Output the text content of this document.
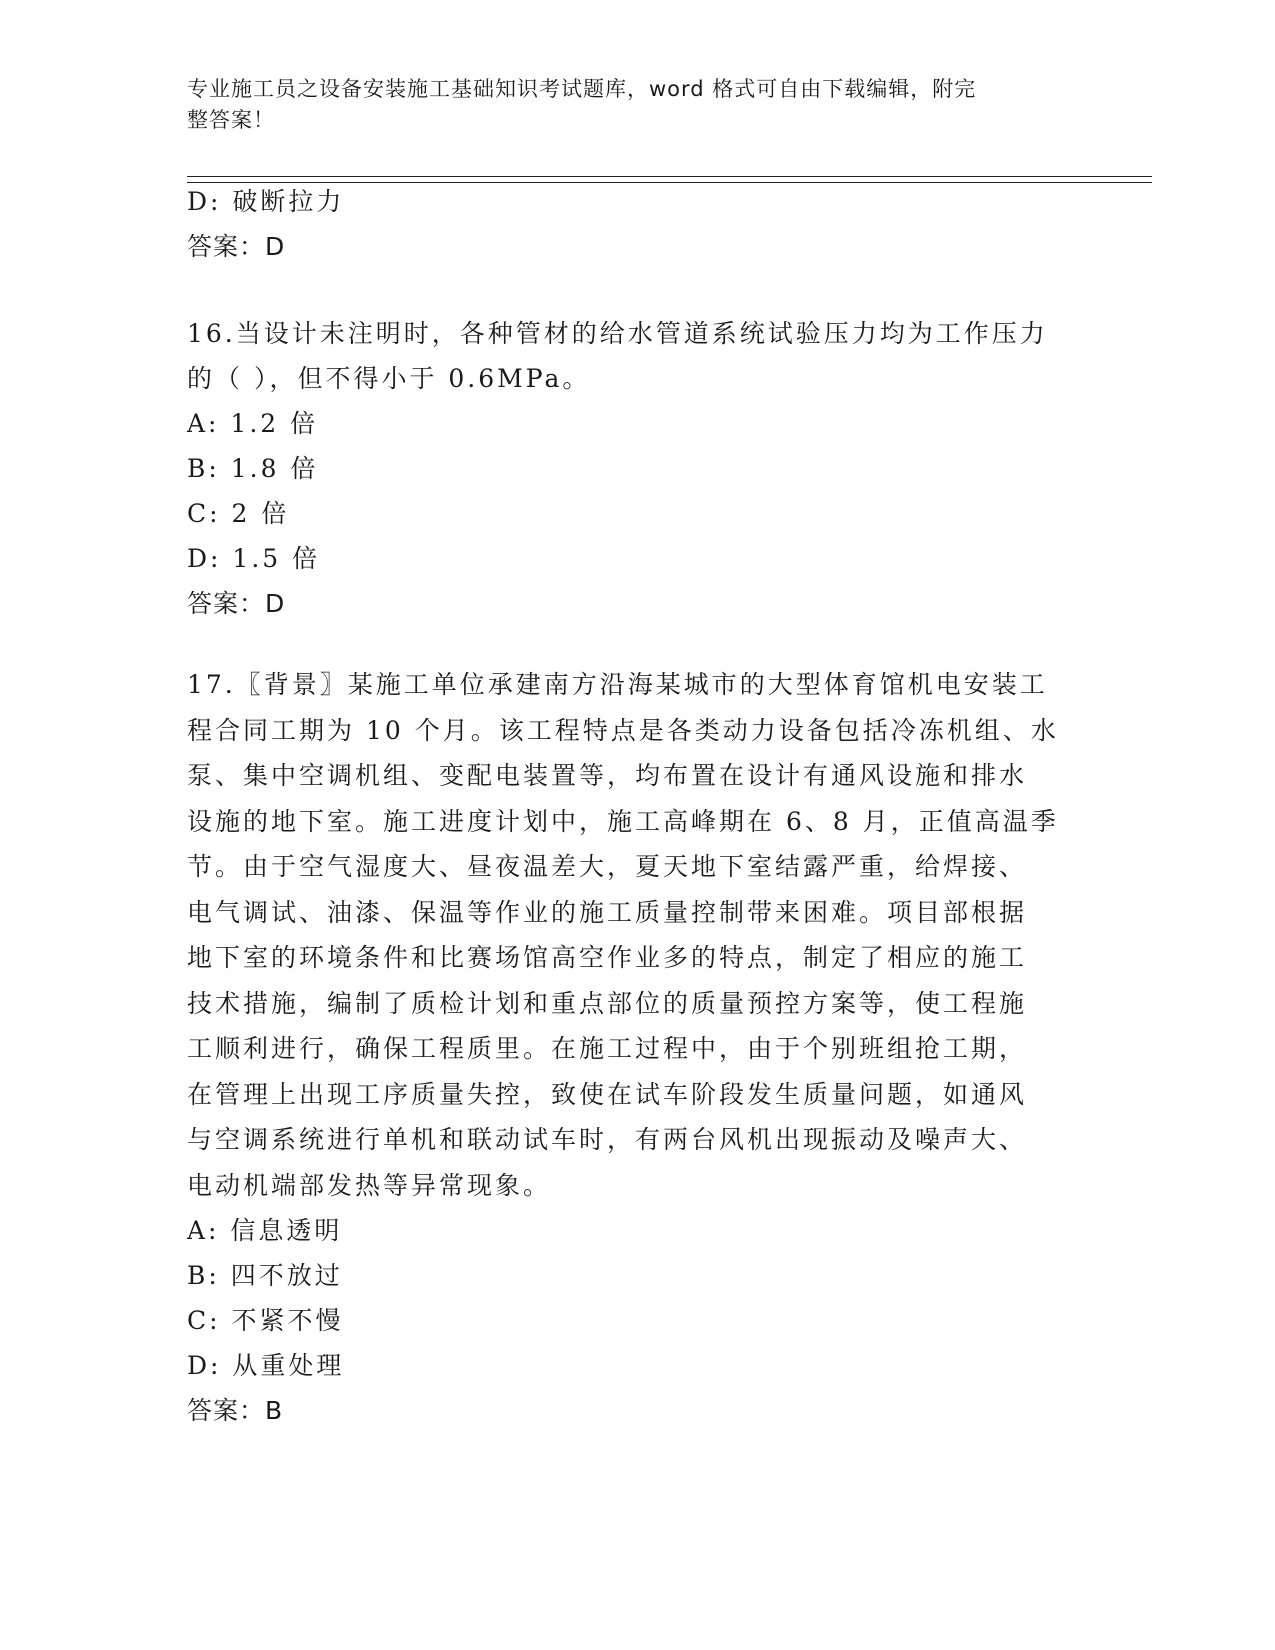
专业施工员之设备安装施工基础知识考试题库，word 格式可自由下载编辑，附完
整答案！
D: 破断拉力
答案：D
16.当设计未注明时，各种管材的给水管道系统试验压力均为工作压力
的（ ），但不得小于 0.6MPa。
A: 1.2 倍
B: 1.8 倍
C: 2 倍
D: 1.5 倍
答案：D
17.〖背景〗某施工单位承建南方沿海某城市的大型体育馆机电安装工
程合同工期为 10 个月。该工程特点是各类动力设备包括冷冻机组、水
泵、集中空调机组、变配电装置等，均布置在设计有通风设施和排水
设施的地下室。施工进度计划中，施工高峰期在 6、8 月，正值高温季
节。由于空气湿度大、昼夜温差大，夏天地下室结露严重，给焊接、
电气调试、油漆、保温等作业的施工质量控制带来困难。项目部根据
地下室的环境条件和比赛场馆高空作业多的特点，制定了相应的施工
技术措施，编制了质检计划和重点部位的质量预控方案等，使工程施
工顺利进行，确保工程质里。在施工过程中，由于个别班组抢工期，
在管理上出现工序质量失控，致使在试车阶段发生质量问题，如通风
与空调系统进行单机和联动试车时，有两台风机出现振动及噪声大、
电动机端部发热等异常现象。
A: 信息透明
B: 四不放过
C: 不紧不慢
D: 从重处理
答案：B
